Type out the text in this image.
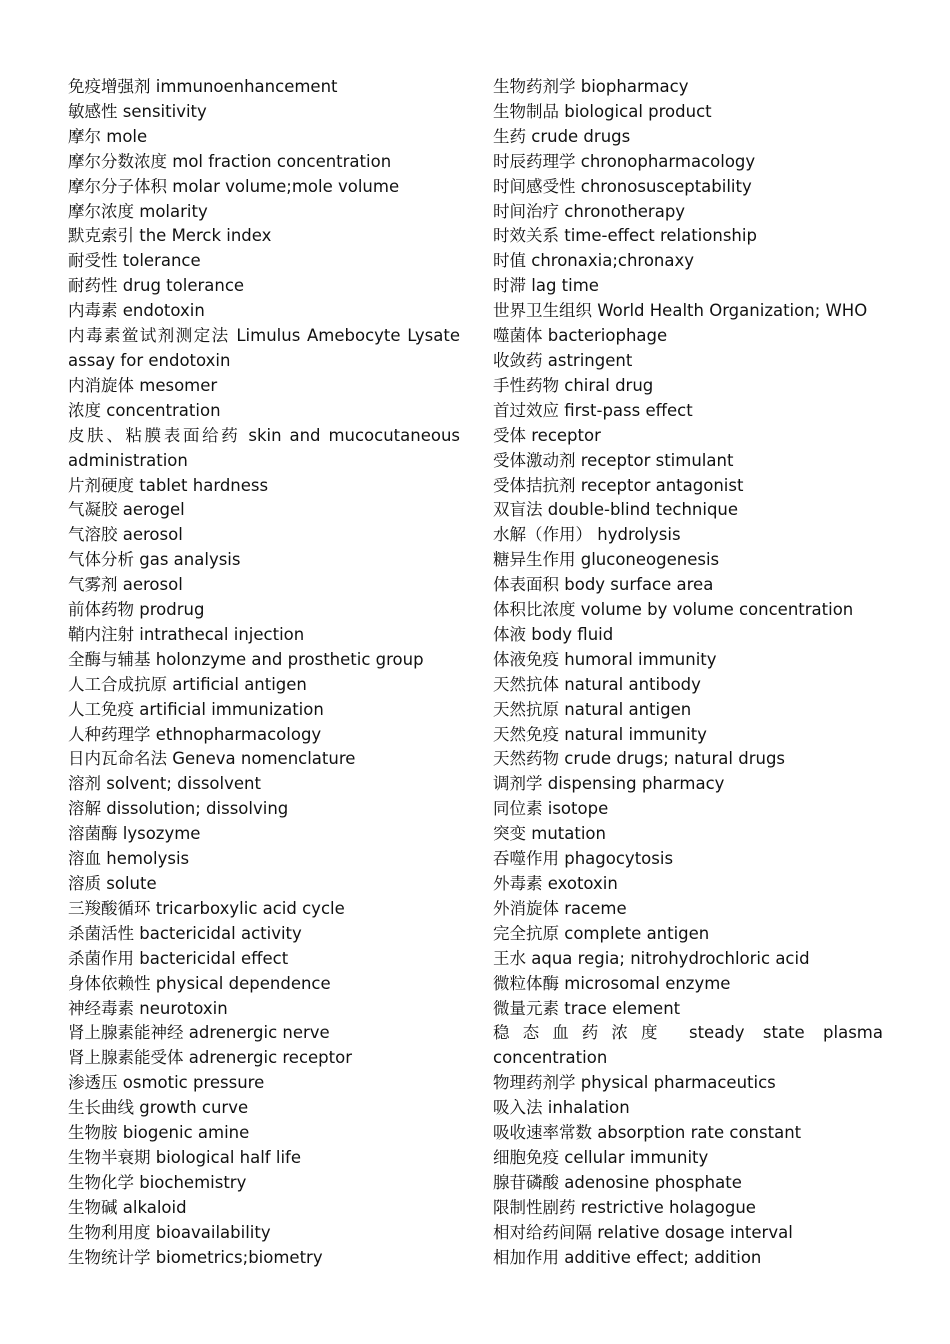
免疫增强剂 immunoenhancement
敏感性 sensitivity
摩尔 mole
摩尔分数浓度 mol fraction concentration
摩尔分子体积 molar volume;mole volume
摩尔浓度 molarity
默克索引 the Merck index
耐受性 tolerance
耐药性 drug tolerance
内毒素 endotoxin
内毒素鲎试剂测定法 Limulus Amebocyte Lysate assay for endotoxin
内消旋体 mesomer
浓度 concentration
皮肤、粘膜表面给药 skin and mucocutaneous administration
片剂硬度 tablet hardness
气凝胶 aerogel
气溶胶 aerosol
气体分析 gas analysis
气雾剂 aerosol
前体药物 prodrug
鞘内注射 intrathecal injection
全酶与辅基 holonzyme and prosthetic group
人工合成抗原 artificial antigen
人工免疫 artificial immunization
人种药理学 ethnopharmacology
日内瓦命名法 Geneva nomenclature
溶剂 solvent; dissolvent
溶解 dissolution; dissolving
溶菌酶 lysozyme
溶血 hemolysis
溶质 solute
三羧酸循环 tricarboxylic acid cycle
杀菌活性 bactericidal activity
杀菌作用 bactericidal effect
身体依赖性 physical dependence
神经毒素 neurotoxin
肾上腺素能神经 adrenergic nerve
肾上腺素能受体 adrenergic receptor
渗透压 osmotic pressure
生长曲线 growth curve
生物胺 biogenic amine
生物半衰期 biological half life
生物化学 biochemistry
生物碱 alkaloid
生物利用度 bioavailability
生物统计学 biometrics;biometry
生物药剂学 biopharmacy
生物制品 biological product
生药 crude drugs
时辰药理学 chronopharmacology
时间感受性 chronosusceptability
时间治疗 chronotherapy
时效关系 time-effect relationship
时值 chronaxia;chronaxy
时滞 lag time
世界卫生组织 World Health Organization; WHO
噬菌体 bacteriophage
收敛药 astringent
手性药物 chiral drug
首过效应 first-pass effect
受体 receptor
受体激动剂 receptor stimulant
受体拮抗剂 receptor antagonist
双盲法 double-blind technique
水解（作用） hydrolysis
糖异生作用 gluconeogenesis
体表面积 body surface area
体积比浓度 volume by volume concentration
体液 body fluid
体液免疫 humoral immunity
天然抗体 natural antibody
天然抗原 natural antigen
天然免疫 natural immunity
天然药物 crude drugs; natural drugs
调剂学 dispensing pharmacy
同位素 isotope
突变 mutation
吞噬作用 phagocytosis
外毒素 exotoxin
外消旋体 raceme
完全抗原 complete antigen
王水 aqua regia; nitrohydrochloric acid
微粒体酶 microsomal enzyme
微量元素 trace element
稳态血药浓度 steady state plasma concentration
物理药剂学 physical pharmaceutics
吸入法 inhalation
吸收速率常数 absorption rate constant
细胞免疫 cellular immunity
腺苷磷酸 adenosine phosphate
限制性剧药 restrictive holagogue
相对给药间隔 relative dosage interval
相加作用 additive effect; addition
